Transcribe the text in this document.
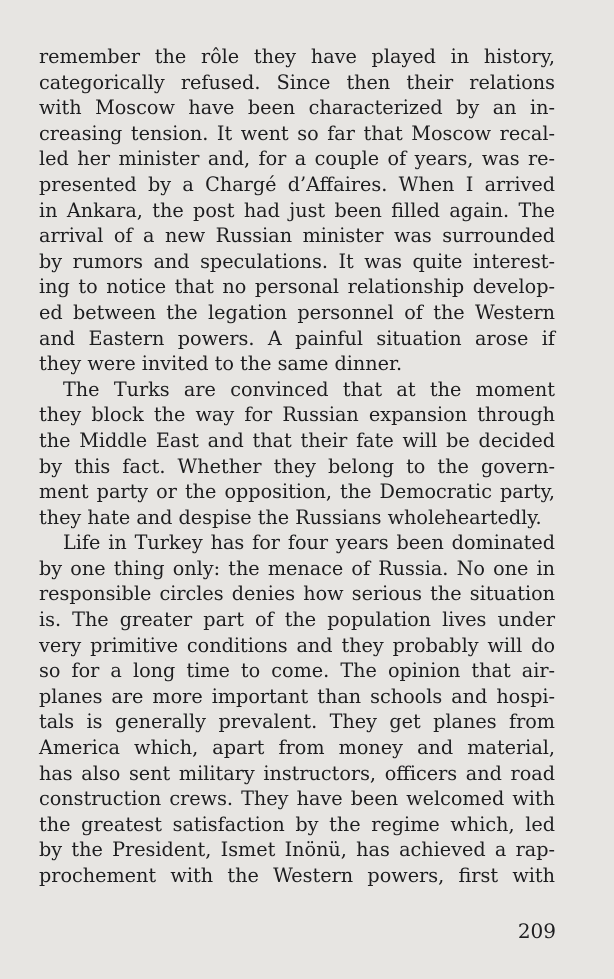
remember the rôle they have played in history,
categorically refused. Since then their relations
with Moscow have been characterized by an in-
creasing tension. It went so far that Moscow recal-
led her minister and, for a couple of years, was re-
presented by a Chargé d’Affaires. When I arrived
in Ankara, the post had just been filled again. The
arrival of a new Russian minister was surrounded
by rumors and speculations. It was quite interest-
ing to notice that no personal relationship develop-
ed between the legation personnel of the Western
and Eastern powers. A painful situation arose if
they were invited to the same dinner.
The Turks are convinced that at the moment
they block the way for Russian expansion through
the Middle East and that their fate will be decided
by this fact. Whether they belong to the govern-
ment party or the opposition, the Democratic party,
they hate and despise the Russians wholeheartedly.
Life in Turkey has for four years been dominated
by one thing only: the menace of Russia. No one in
responsible circles denies how serious the situation
is. The greater part of the population lives under
very primitive conditions and they probably will do
so for a long time to come. The opinion that air-
planes are more important than schools and hospi-
tals is generally prevalent. They get planes from
America which, apart from money and material,
has also sent military instructors, officers and road
construction crews. They have been welcomed with
the greatest satisfaction by the regime which, led
by the President, Ismet Inönü, has achieved a rap-
prochement with the Western powers, first with
209
